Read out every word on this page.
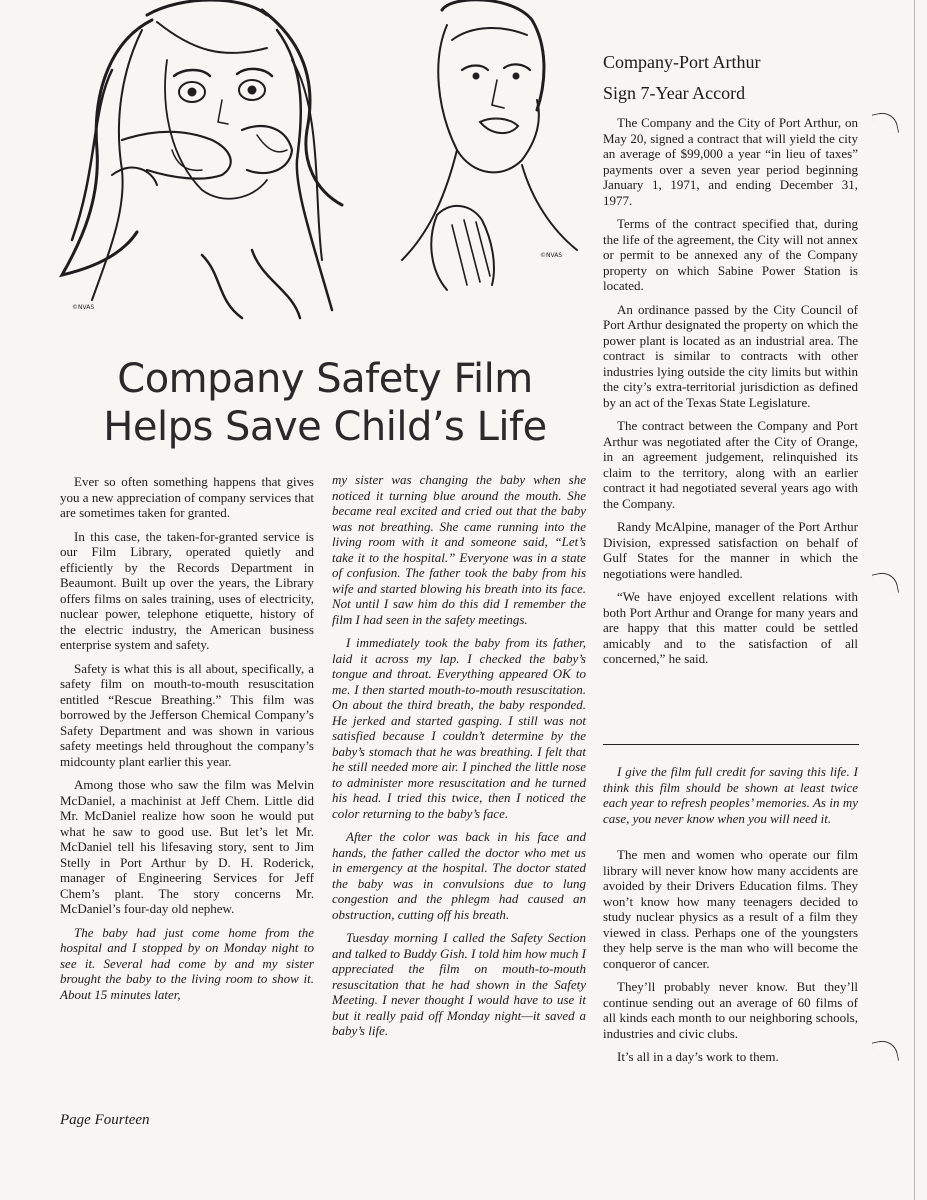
©NVAS
©NVAS
Company Safety Film
Helps Save Child’s Life

Ever so often something happens that gives you a new appreciation of company services that are sometimes taken for granted.

In this case, the taken-for-granted service is our Film Library, operated quietly and efficiently by the Records Department in Beaumont. Built up over the years, the Library offers films on sales training, uses of electricity, nuclear power, telephone etiquette, history of the electric industry, the American business enterprise system and safety.

Safety is what this is all about, specifically, a safety film on mouth-to-mouth resuscitation entitled “Rescue Breathing.” This film was borrowed by the Jefferson Chemical Company’s Safety Department and was shown in various safety meetings held throughout the company’s midcounty plant earlier this year.

Among those who saw the film was Melvin McDaniel, a machinist at Jeff Chem. Little did Mr. McDaniel realize how soon he would put what he saw to good use. But let’s let Mr. McDaniel tell his lifesaving story, sent to Jim Stelly in Port Arthur by D. H. Roderick, manager of Engineering Services for Jeff Chem’s plant. The story concerns Mr. McDaniel’s four-day old nephew.

The baby had just come home from the hospital and I stopped by on Monday night to see it. Several had come by and my sister brought the baby to the living room to show it. About 15 minutes later,

my sister was changing the baby when she noticed it turning blue around the mouth. She became real excited and cried out that the baby was not breathing. She came running into the living room with it and someone said, “Let’s take it to the hospital.” Everyone was in a state of confusion. The father took the baby from his wife and started blowing his breath into its face. Not until I saw him do this did I remember the film I had seen in the safety meetings.

I immediately took the baby from its father, laid it across my lap. I checked the baby’s tongue and throat. Everything appeared OK to me. I then started mouth-to-mouth resuscitation. On about the third breath, the baby responded. He jerked and started gasping. I still was not satisfied because I couldn’t determine by the baby’s stomach that he was breathing. I felt that he still needed more air. I pinched the little nose to administer more resuscitation and he turned his head. I tried this twice, then I noticed the color returning to the baby’s face.

After the color was back in his face and hands, the father called the doctor who met us in emergency at the hospital. The doctor stated the baby was in convulsions due to lung congestion and the phlegm had caused an obstruction, cutting off his breath.

Tuesday morning I called the Safety Section and talked to Buddy Gish. I told him how much I appreciated the film on mouth-to-mouth resuscitation that he had shown in the Safety Meeting. I never thought I would have to use it but it really paid off Monday night—it saved a baby’s life.

Company-Port Arthur
Sign 7-Year Accord

The Company and the City of Port Arthur, on May 20, signed a contract that will yield the city an average of $99,000 a year “in lieu of taxes” payments over a seven year period beginning January 1, 1971, and ending December 31, 1977.

Terms of the contract specified that, during the life of the agreement, the City will not annex or permit to be annexed any of the Company property on which Sabine Power Station is located.

An ordinance passed by the City Council of Port Arthur designated the property on which the power plant is located as an industrial area. The contract is similar to contracts with other industries lying outside the city limits but within the city’s extra-territorial jurisdiction as defined by an act of the Texas State Legislature.

The contract between the Company and Port Arthur was negotiated after the City of Orange, in an agreement judgement, relinquished its claim to the territory, along with an earlier contract it had negotiated several years ago with the Company.

Randy McAlpine, manager of the Port Arthur Division, expressed satisfaction on behalf of Gulf States for the manner in which the negotiations were handled.

“We have enjoyed excellent relations with both Port Arthur and Orange for many years and are happy that this matter could be settled amicably and to the satisfaction of all concerned,” he said.

I give the film full credit for saving this life. I think this film should be shown at least twice each year to refresh peoples’ memories. As in my case, you never know when you will need it.

The men and women who operate our film library will never know how many accidents are avoided by their Drivers Education films. They won’t know how many teenagers decided to study nuclear physics as a result of a film they viewed in class. Perhaps one of the youngsters they help serve is the man who will become the conqueror of cancer.

They’ll probably never know. But they’ll continue sending out an average of 60 films of all kinds each month to our neighboring schools, industries and civic clubs.

It’s all in a day’s work to them.

Page Fourteen
